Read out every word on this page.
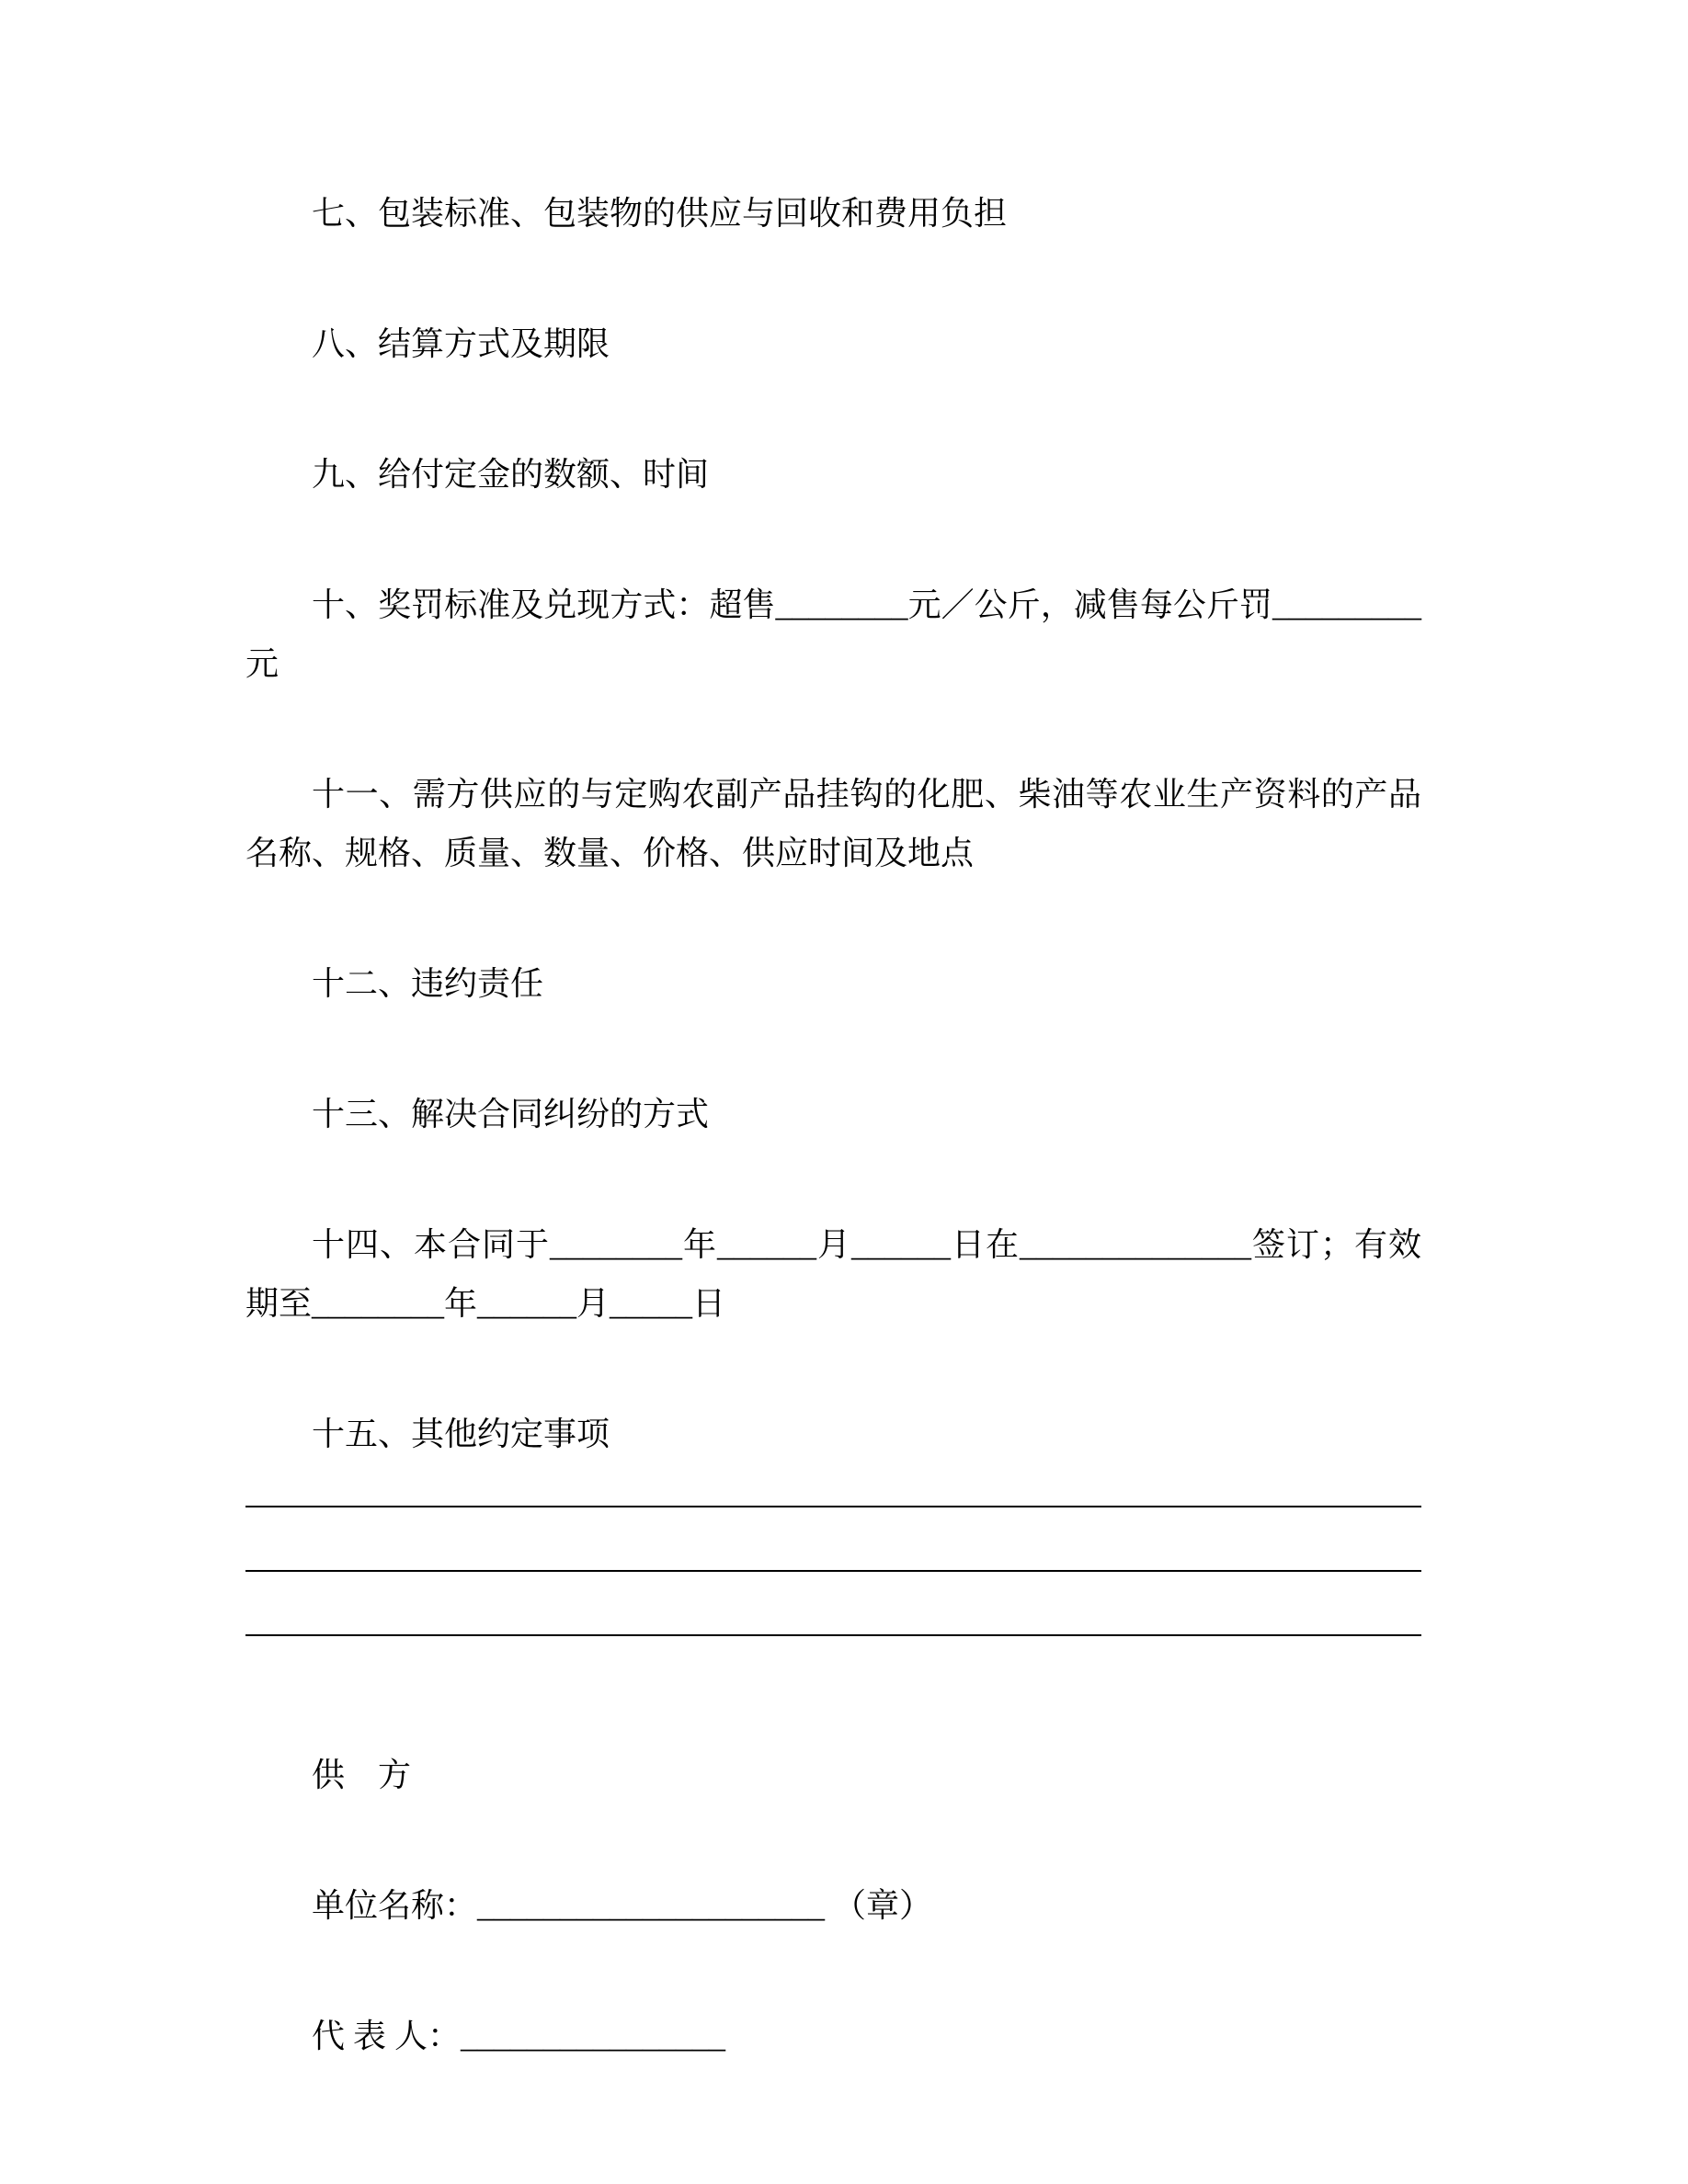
七、包装标准、包装物的供应与回收和费用负担

八、结算方式及期限

九、给付定金的数额、时间

十、奖罚标准及兑现方式：超售________元／公斤，减售每公斤罚_________元

十一、需方供应的与定购农副产品挂钩的化肥、柴油等农业生产资料的产品名称、规格、质量、数量、价格、供应时间及地点

十二、违约责任

十三、解决合同纠纷的方式

十四、本合同于________年______月______日在______________签订；有效期至________年______月_____日

十五、其他约定事项

供　方

单位名称：_____________________ （章）

代 表 人：________________
